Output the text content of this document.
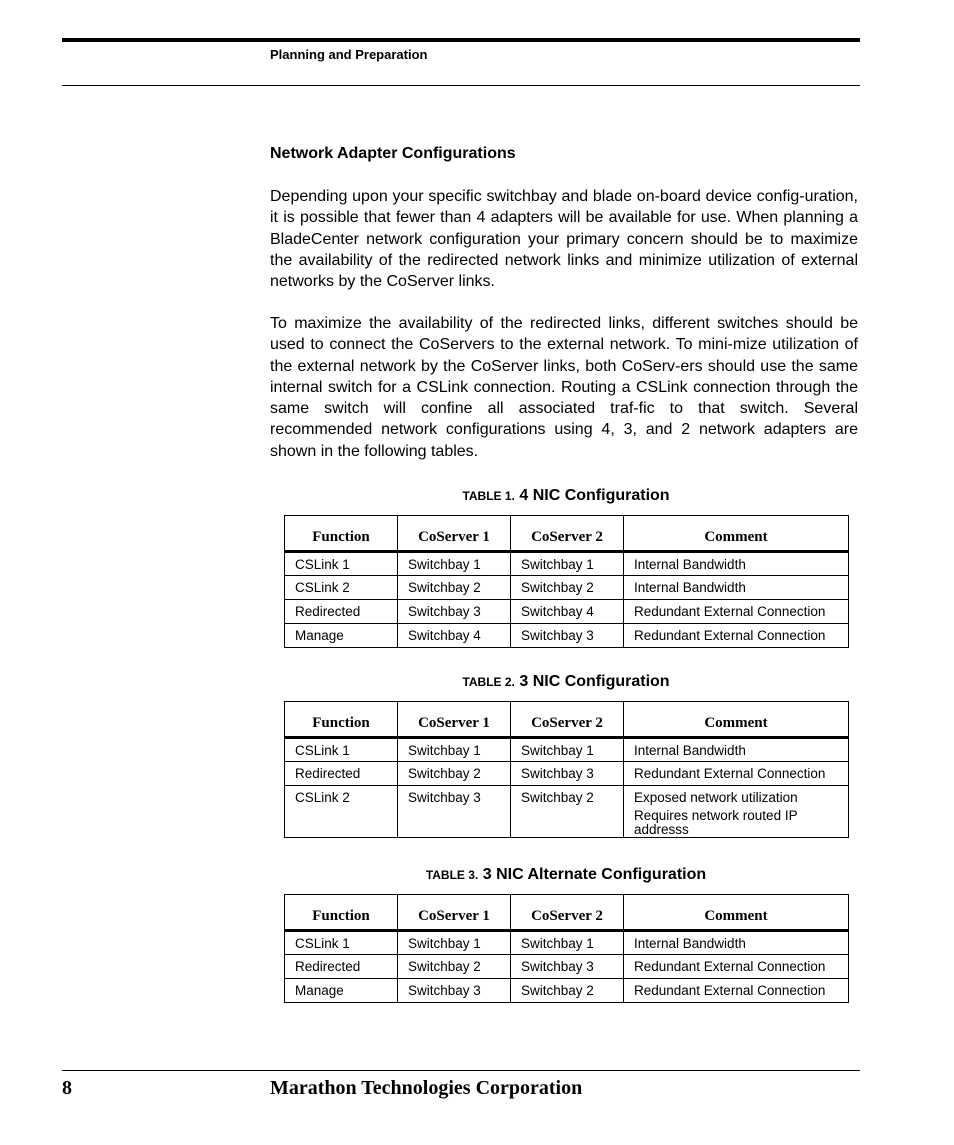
Planning and Preparation
Network Adapter Configurations

Depending upon your specific switchbay and blade on-board device config-uration, it is possible that fewer than 4 adapters will be available for use. When planning a BladeCenter network configuration your primary concern should be to maximize the availability of the redirected network links and minimize utilization of external networks by the CoServer links.

To maximize the availability of the redirected links, different switches should be used to connect the CoServers to the external network. To mini-mize utilization of the external network by the CoServer links, both CoServ-ers should use the same internal switch for a CSLink connection. Routing a CSLink connection through the same switch will confine all associated traf-fic to that switch. Several recommended network configurations using 4, 3, and 2 network adapters are shown in the following tables.

TABLE 1. 4 NIC Configuration
Function	CoServer 1	CoServer 2	Comment
CSLink 1	Switchbay 1	Switchbay 1	Internal Bandwidth

CSLink 2	Switchbay 2	Switchbay 2	Internal Bandwidth

Redirected	Switchbay 3	Switchbay 4	Redundant External Connection

Manage	Switchbay 4	Switchbay 3	Redundant External Connection
TABLE 2. 3 NIC Configuration
Function	CoServer 1	CoServer 2	Comment
CSLink 1	Switchbay 1	Switchbay 1	Internal Bandwidth

Redirected	Switchbay 2	Switchbay 3	Redundant External Connection

CSLink 2	Switchbay 3	Switchbay 2	Exposed network utilization
Requires network routed IP addresss
TABLE 3. 3 NIC Alternate Configuration
Function	CoServer 1	CoServer 2	Comment
CSLink 1	Switchbay 1	Switchbay 1	Internal Bandwidth

Redirected	Switchbay 2	Switchbay 3	Redundant External Connection

Manage	Switchbay 3	Switchbay 2	Redundant External Connection
8	Marathon Technologies Corporation
